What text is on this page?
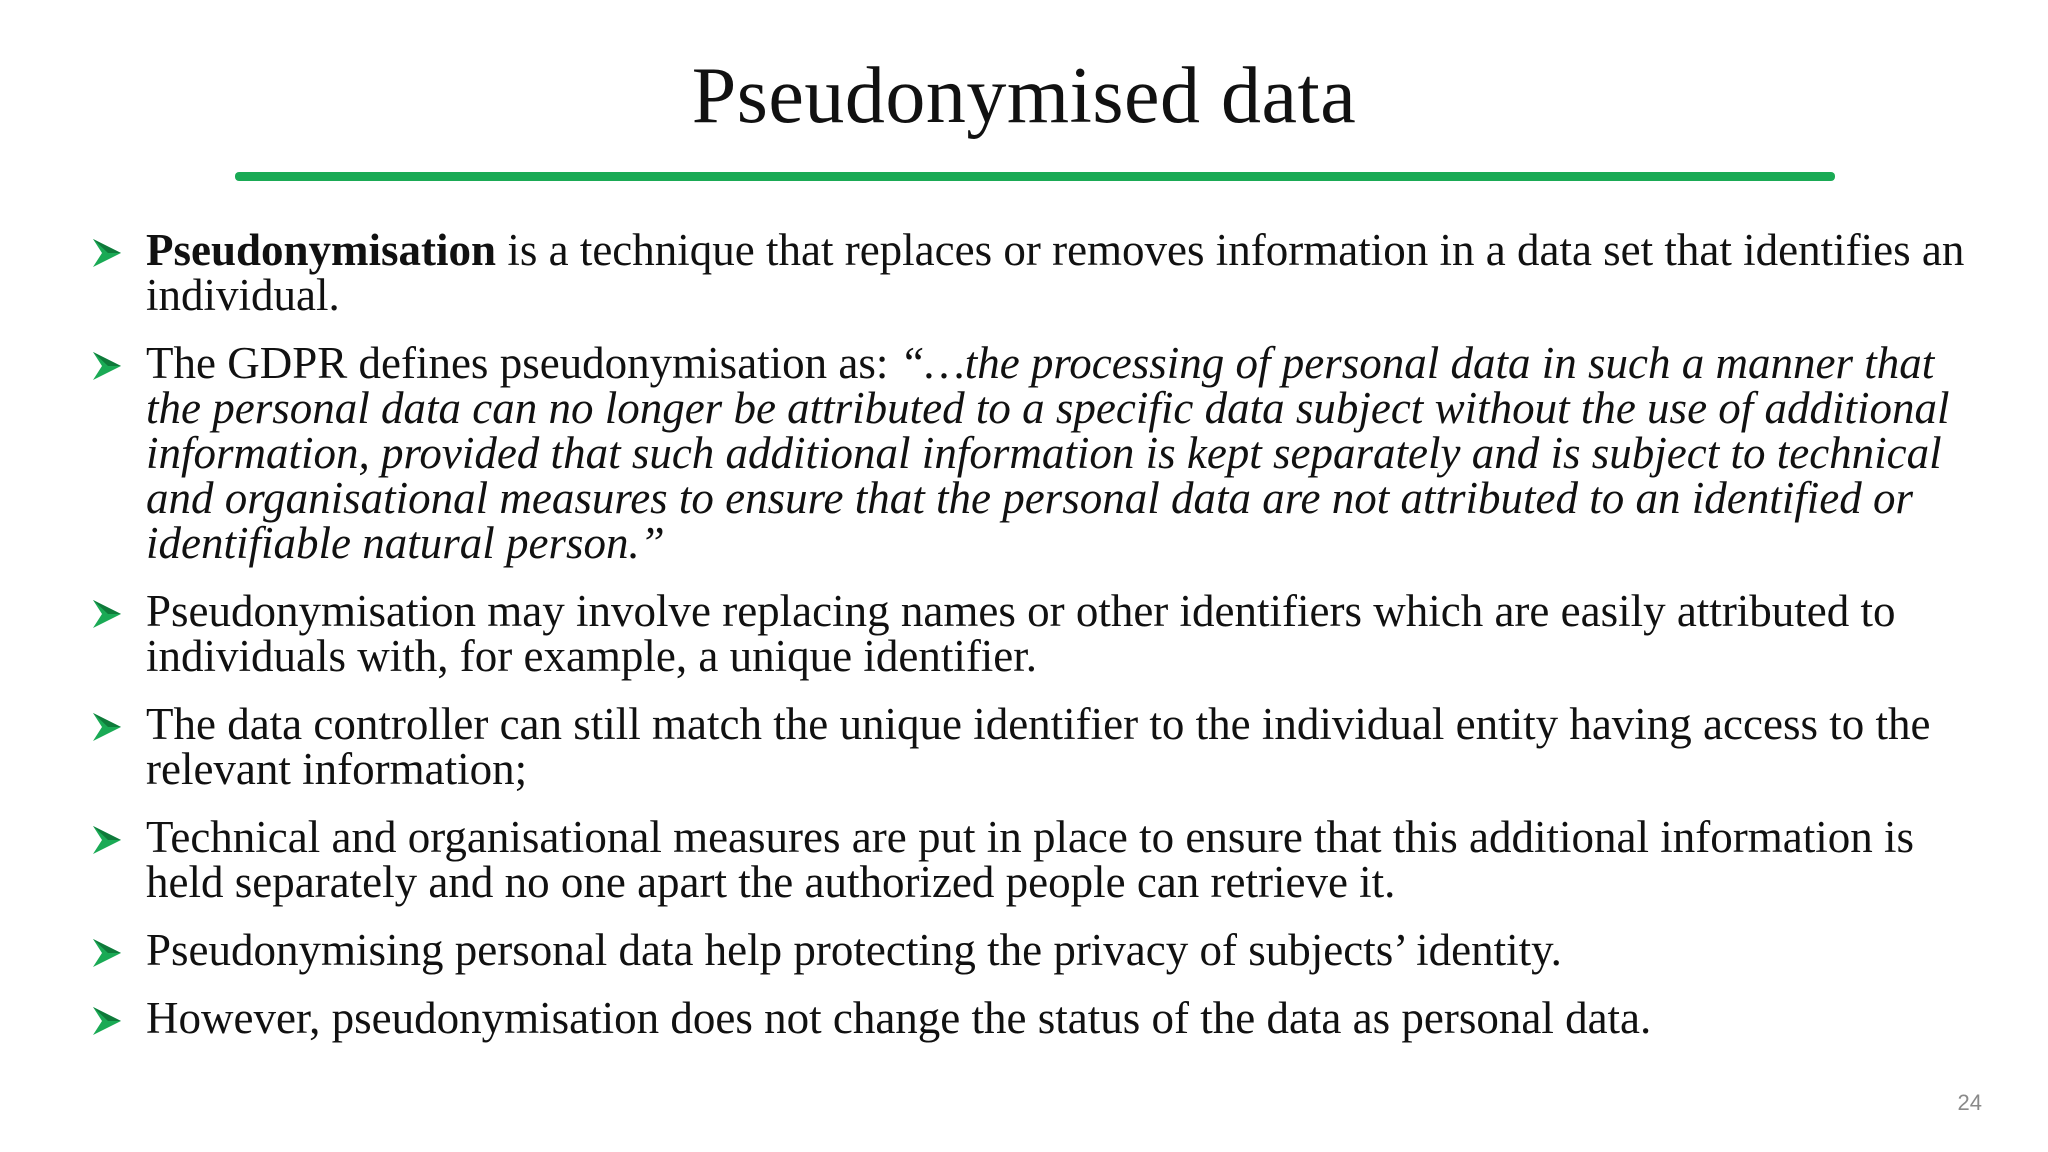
Pseudonymised data
Pseudonymisation is a technique that replaces or removes information in a data set that identifies an individual.
The GDPR defines pseudonymisation as: “…the processing of personal data in such a manner that the personal data can no longer be attributed to a specific data subject without the use of additional information, provided that such additional information is kept separately and is subject to technical and organisational measures to ensure that the personal data are not attributed to an identified or identifiable natural person.”
Pseudonymisation may involve replacing names or other identifiers which are easily attributed to individuals with, for example, a unique identifier.
The data controller can still match the unique identifier to the individual entity having access to the relevant information;
Technical and organisational measures are put in place to ensure that this additional information is held separately and no one apart the authorized people can retrieve it.
Pseudonymising personal data help protecting the privacy of subjects’ identity.
However, pseudonymisation does not change the status of the data as personal data.
24
